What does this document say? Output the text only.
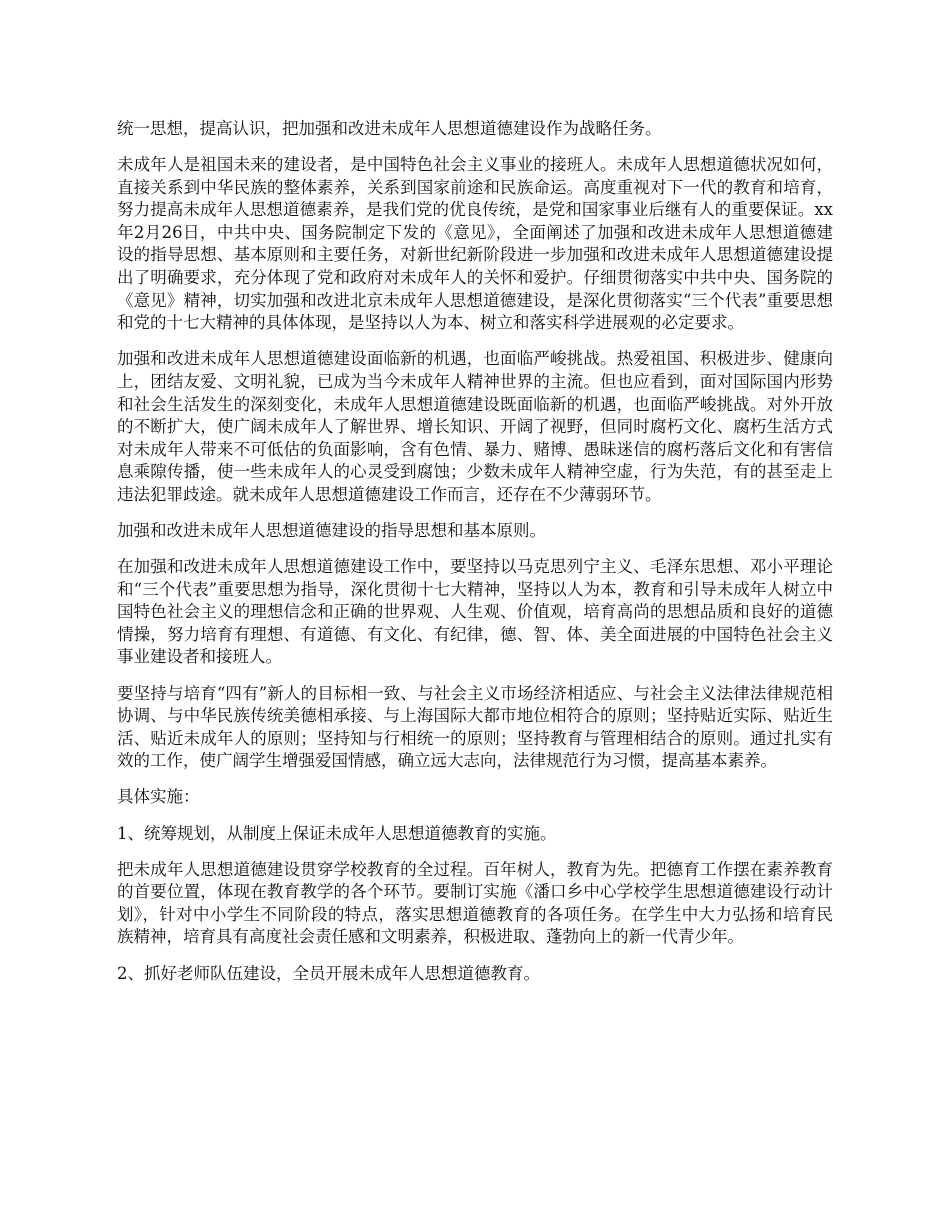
统一思想，提高认识，把加强和改进未成年人思想道德建设作为战略任务。

未成年人是祖国未来的建设者，是中国特色社会主义事业的接班人。未成年人思想道德状况如何，直接关系到中华民族的整体素养，关系到国家前途和民族命运。高度重视对下一代的教育和培育，努力提高未成年人思想道德素养，是我们党的优良传统，是党和国家事业后继有人的重要保证。xx年2月26日，中共中央、国务院制定下发的《意见》，全面阐述了加强和改进未成年人思想道德建设的指导思想、基本原则和主要任务，对新世纪新阶段进一步加强和改进未成年人思想道德建设提出了明确要求，充分体现了党和政府对未成年人的关怀和爱护。仔细贯彻落实中共中央、国务院的《意见》精神，切实加强和改进北京未成年人思想道德建设，是深化贯彻落实“三个代表”重要思想和党的十七大精神的具体体现，是坚持以人为本、树立和落实科学进展观的必定要求。

加强和改进未成年人思想道德建设面临新的机遇，也面临严峻挑战。热爱祖国、积极进步、健康向上，团结友爱、文明礼貌，已成为当今未成年人精神世界的主流。但也应看到，面对国际国内形势和社会生活发生的深刻变化，未成年人思想道德建设既面临新的机遇，也面临严峻挑战。对外开放的不断扩大，使广阔未成年人了解世界、增长知识、开阔了视野，但同时腐朽文化、腐朽生活方式对未成年人带来不可低估的负面影响，含有色情、暴力、赌博、愚昧迷信的腐朽落后文化和有害信息乘隙传播，使一些未成年人的心灵受到腐蚀；少数未成年人精神空虚，行为失范，有的甚至走上违法犯罪歧途。就未成年人思想道德建设工作而言，还存在不少薄弱环节。

加强和改进未成年人思想道德建设的指导思想和基本原则。

在加强和改进未成年人思想道德建设工作中，要坚持以马克思列宁主义、毛泽东思想、邓小平理论和“三个代表”重要思想为指导，深化贯彻十七大精神，坚持以人为本，教育和引导未成年人树立中国特色社会主义的理想信念和正确的世界观、人生观、价值观，培育高尚的思想品质和良好的道德情操，努力培育有理想、有道德、有文化、有纪律，德、智、体、美全面进展的中国特色社会主义事业建设者和接班人。

要坚持与培育“四有”新人的目标相一致、与社会主义市场经济相适应、与社会主义法律法律规范相协调、与中华民族传统美德相承接、与上海国际大都市地位相符合的原则；坚持贴近实际、贴近生活、贴近未成年人的原则；坚持知与行相统一的原则；坚持教育与管理相结合的原则。通过扎实有效的工作，使广阔学生增强爱国情感，确立远大志向，法律规范行为习惯，提高基本素养。

具体实施：

1、统筹规划，从制度上保证未成年人思想道德教育的实施。

把未成年人思想道德建设贯穿学校教育的全过程。百年树人，教育为先。把德育工作摆在素养教育的首要位置，体现在教育教学的各个环节。要制订实施《潘口乡中心学校学生思想道德建设行动计划》，针对中小学生不同阶段的特点，落实思想道德教育的各项任务。在学生中大力弘扬和培育民族精神，培育具有高度社会责任感和文明素养，积极进取、蓬勃向上的新一代青少年。

2、抓好老师队伍建设，全员开展未成年人思想道德教育。
